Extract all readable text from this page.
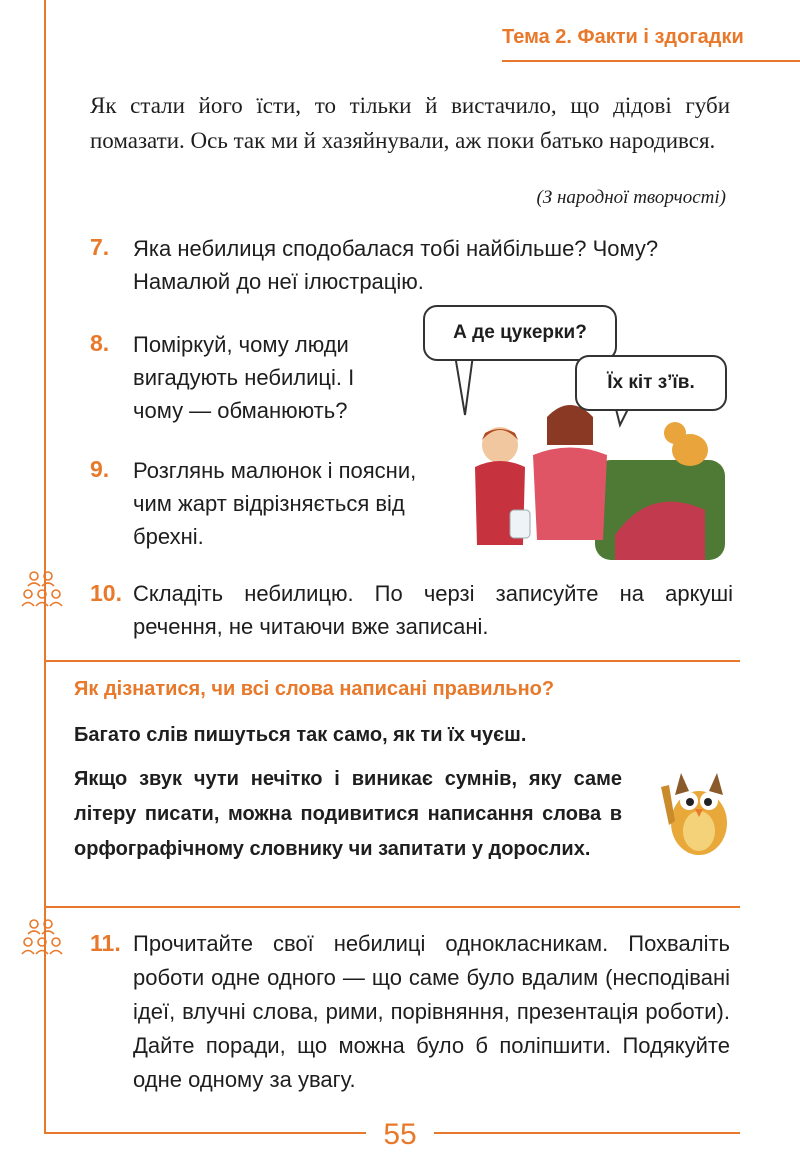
Тема 2. Факти і здогадки

Як стали його їсти, то тільки й вистачило, що дідові губи помазати. Ось так ми й хазяйнували, аж поки батько народився.

(З народної творчості)
7. Яка небилиця сподобалася тобі найбільше? Чому? Намалюй до неї ілюстрацію.

8. Поміркуй, чому люди вигадують небилиці. І чому — обманюють?

9. Розглянь малюнок і поясни, чим жарт відрізняється від брехні.

А де цукерки?
Їх кіт з’їв.
10. Складіть небилицю. По черзі записуйте на аркуші речення, не читаючи вже записані.

Як дізнатися, чи всі слова написані правильно?

Багато слів пишуться так само, як ти їх чуєш.

Якщо звук чути нечітко і виникає сумнів, яку саме літеру писати, можна подивитися написання слова в орфографічному словнику чи запитати у дорослих.

11. Прочитайте свої небилиці однокласникам. Похваліть роботи одне одного — що саме було вдалим (несподівані ідеї, влучні слова, рими, порівняння, презентація роботи). Дайте поради, що можна було б поліпшити. Подякуйте одне одному за увагу.

55
